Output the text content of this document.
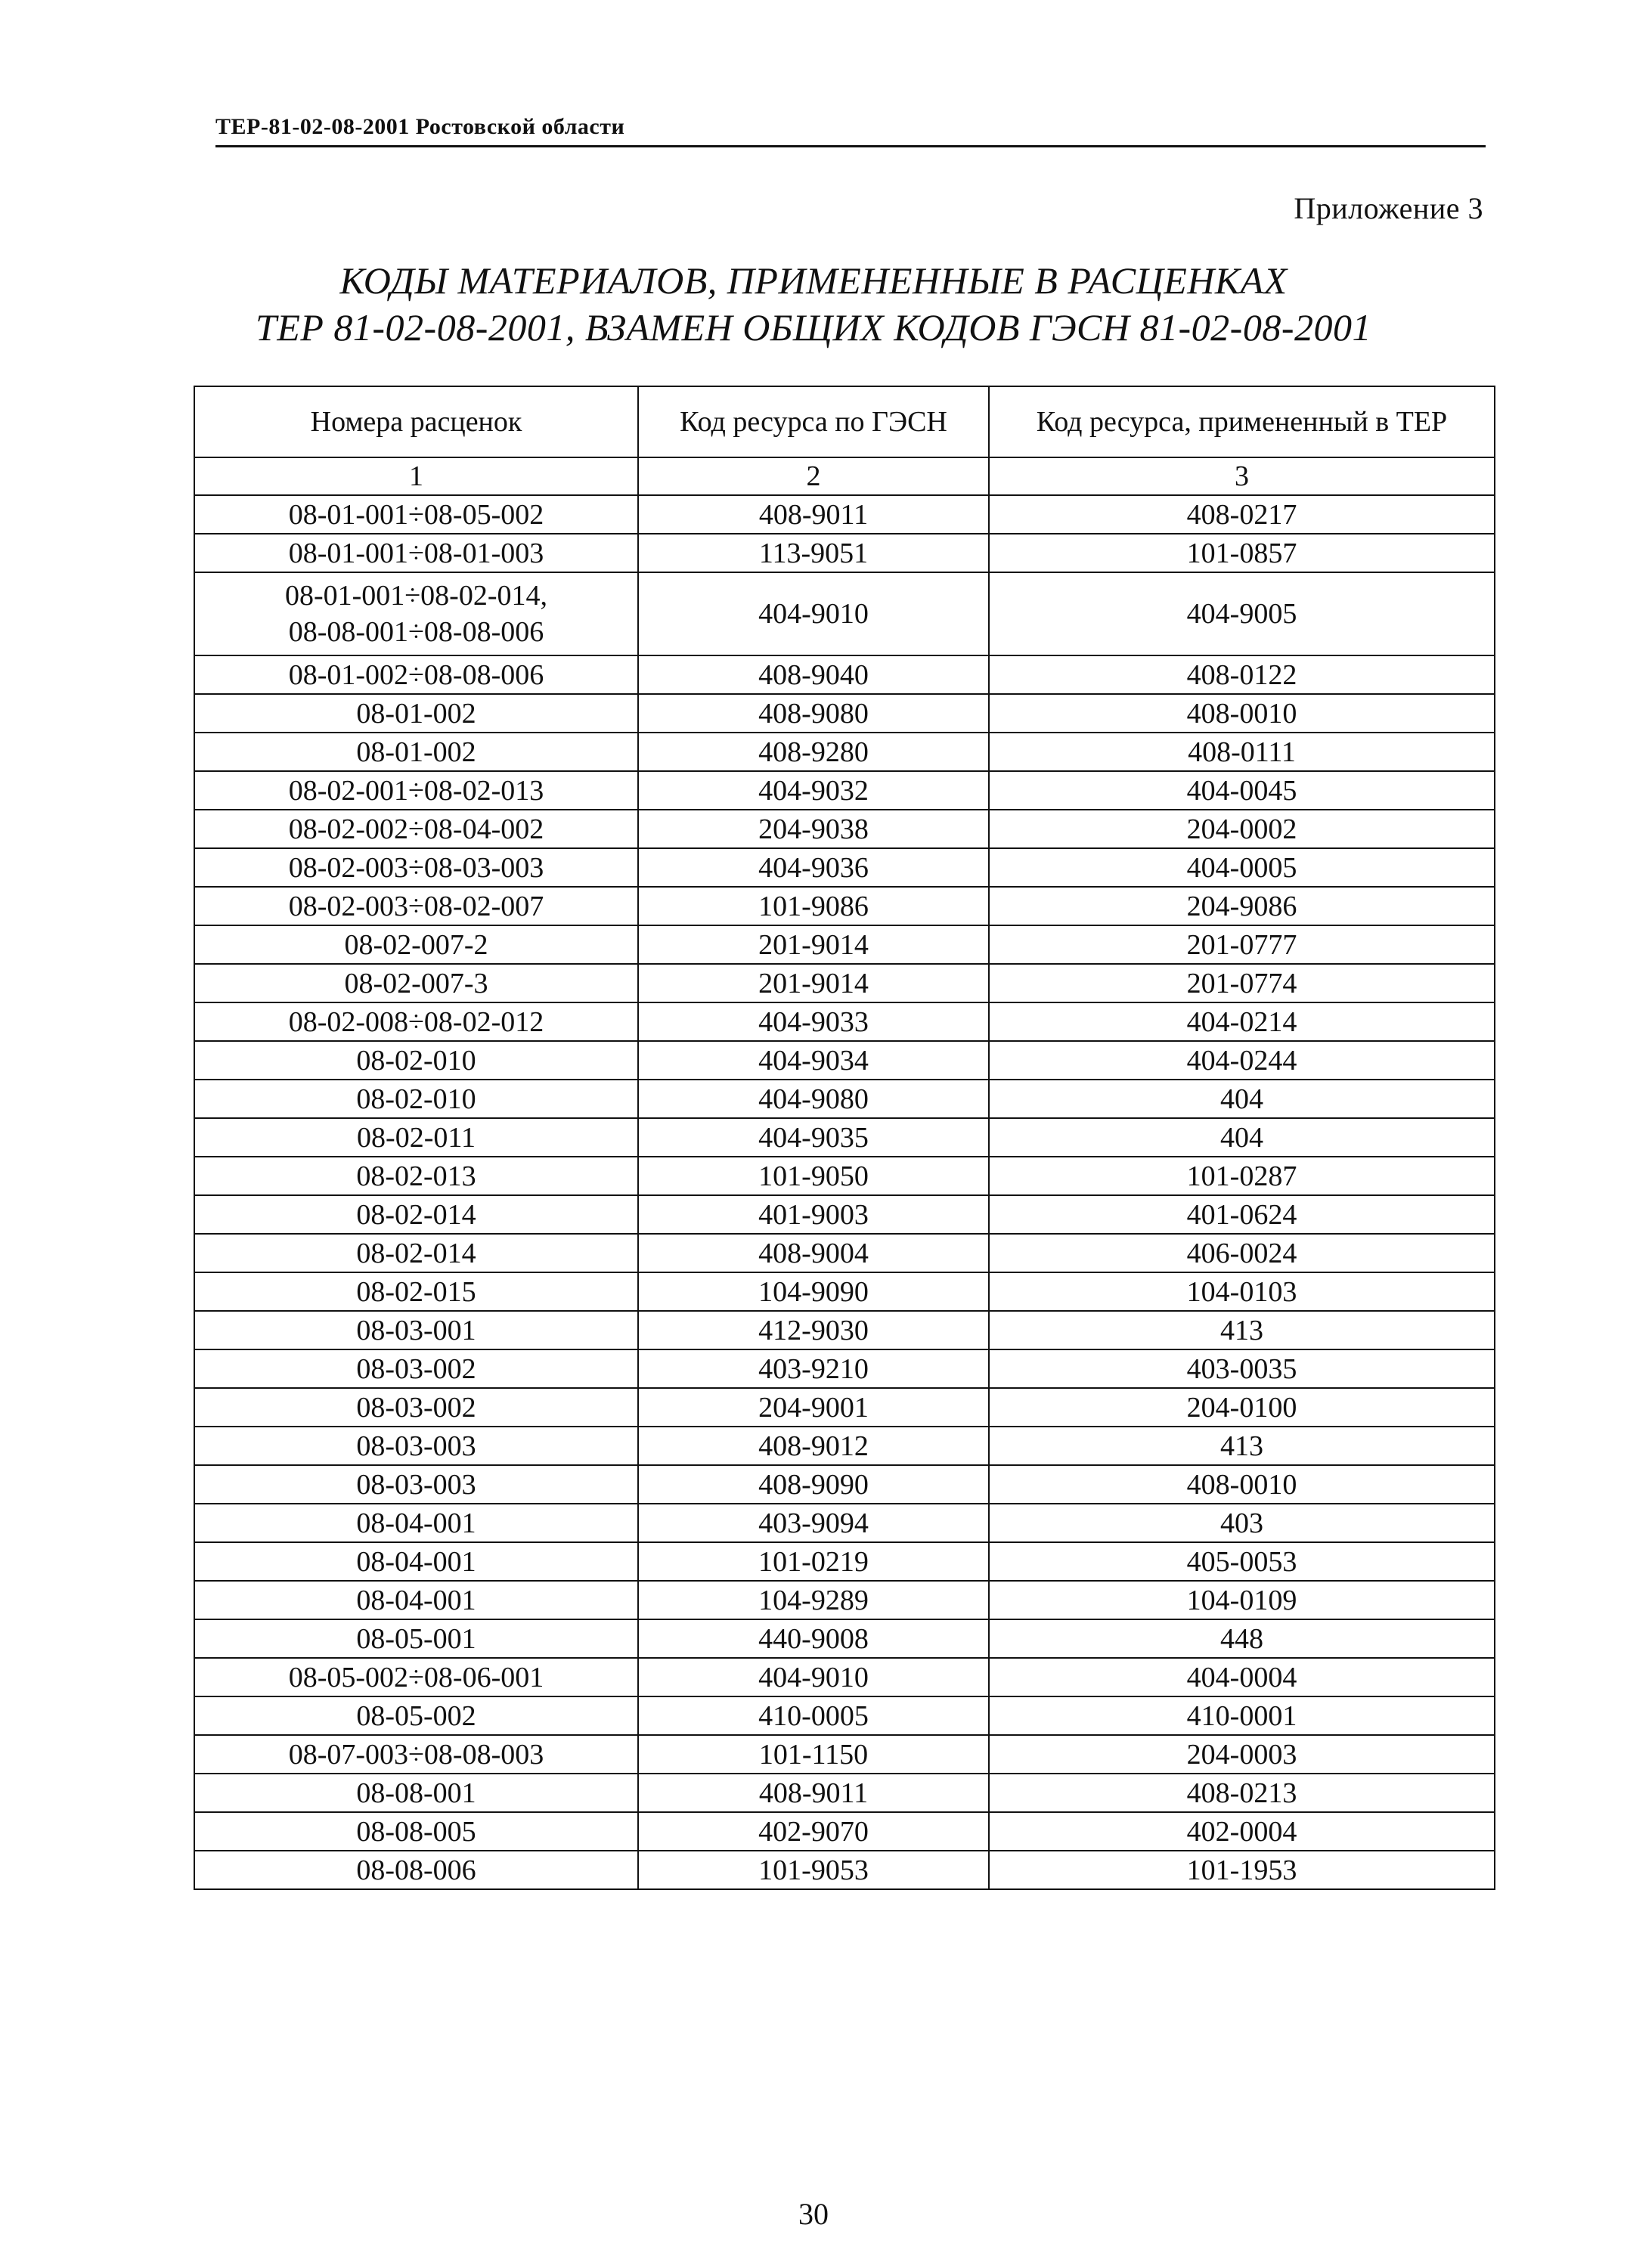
ТЕР-81-02-08-2001 Ростовской области
Приложение 3
КОДЫ МАТЕРИАЛОВ, ПРИМЕНЕННЫЕ В РАСЦЕНКАХ
ТЕР 81-02-08-2001, ВЗАМЕН ОБЩИХ КОДОВ ГЭСН 81-02-08-2001
Номера расценок	Код ресурса по ГЭСН	Код ресурса, примененный в ТЕР
1	2	3
08-01-001÷08-05-002	408-9011	408-0217
08-01-001÷08-01-003	113-9051	101-0857

08-01-001÷08-02-014,
08-08-001÷08-08-006	404-9010	404-9005
08-01-002÷08-08-006	408-9040	408-0122
08-01-002	408-9080	408-0010
08-01-002	408-9280	408-0111
08-02-001÷08-02-013	404-9032	404-0045
08-02-002÷08-04-002	204-9038	204-0002
08-02-003÷08-03-003	404-9036	404-0005
08-02-003÷08-02-007	101-9086	204-9086
08-02-007-2	201-9014	201-0777
08-02-007-3	201-9014	201-0774
08-02-008÷08-02-012	404-9033	404-0214
08-02-010	404-9034	404-0244
08-02-010	404-9080	404
08-02-011	404-9035	404
08-02-013	101-9050	101-0287
08-02-014	401-9003	401-0624
08-02-014	408-9004	406-0024
08-02-015	104-9090	104-0103
08-03-001	412-9030	413
08-03-002	403-9210	403-0035
08-03-002	204-9001	204-0100
08-03-003	408-9012	413
08-03-003	408-9090	408-0010
08-04-001	403-9094	403
08-04-001	101-0219	405-0053
08-04-001	104-9289	104-0109
08-05-001	440-9008	448
08-05-002÷08-06-001	404-9010	404-0004
08-05-002	410-0005	410-0001
08-07-003÷08-08-003	101-1150	204-0003
08-08-001	408-9011	408-0213
08-08-005	402-9070	402-0004
08-08-006	101-9053	101-1953
30
